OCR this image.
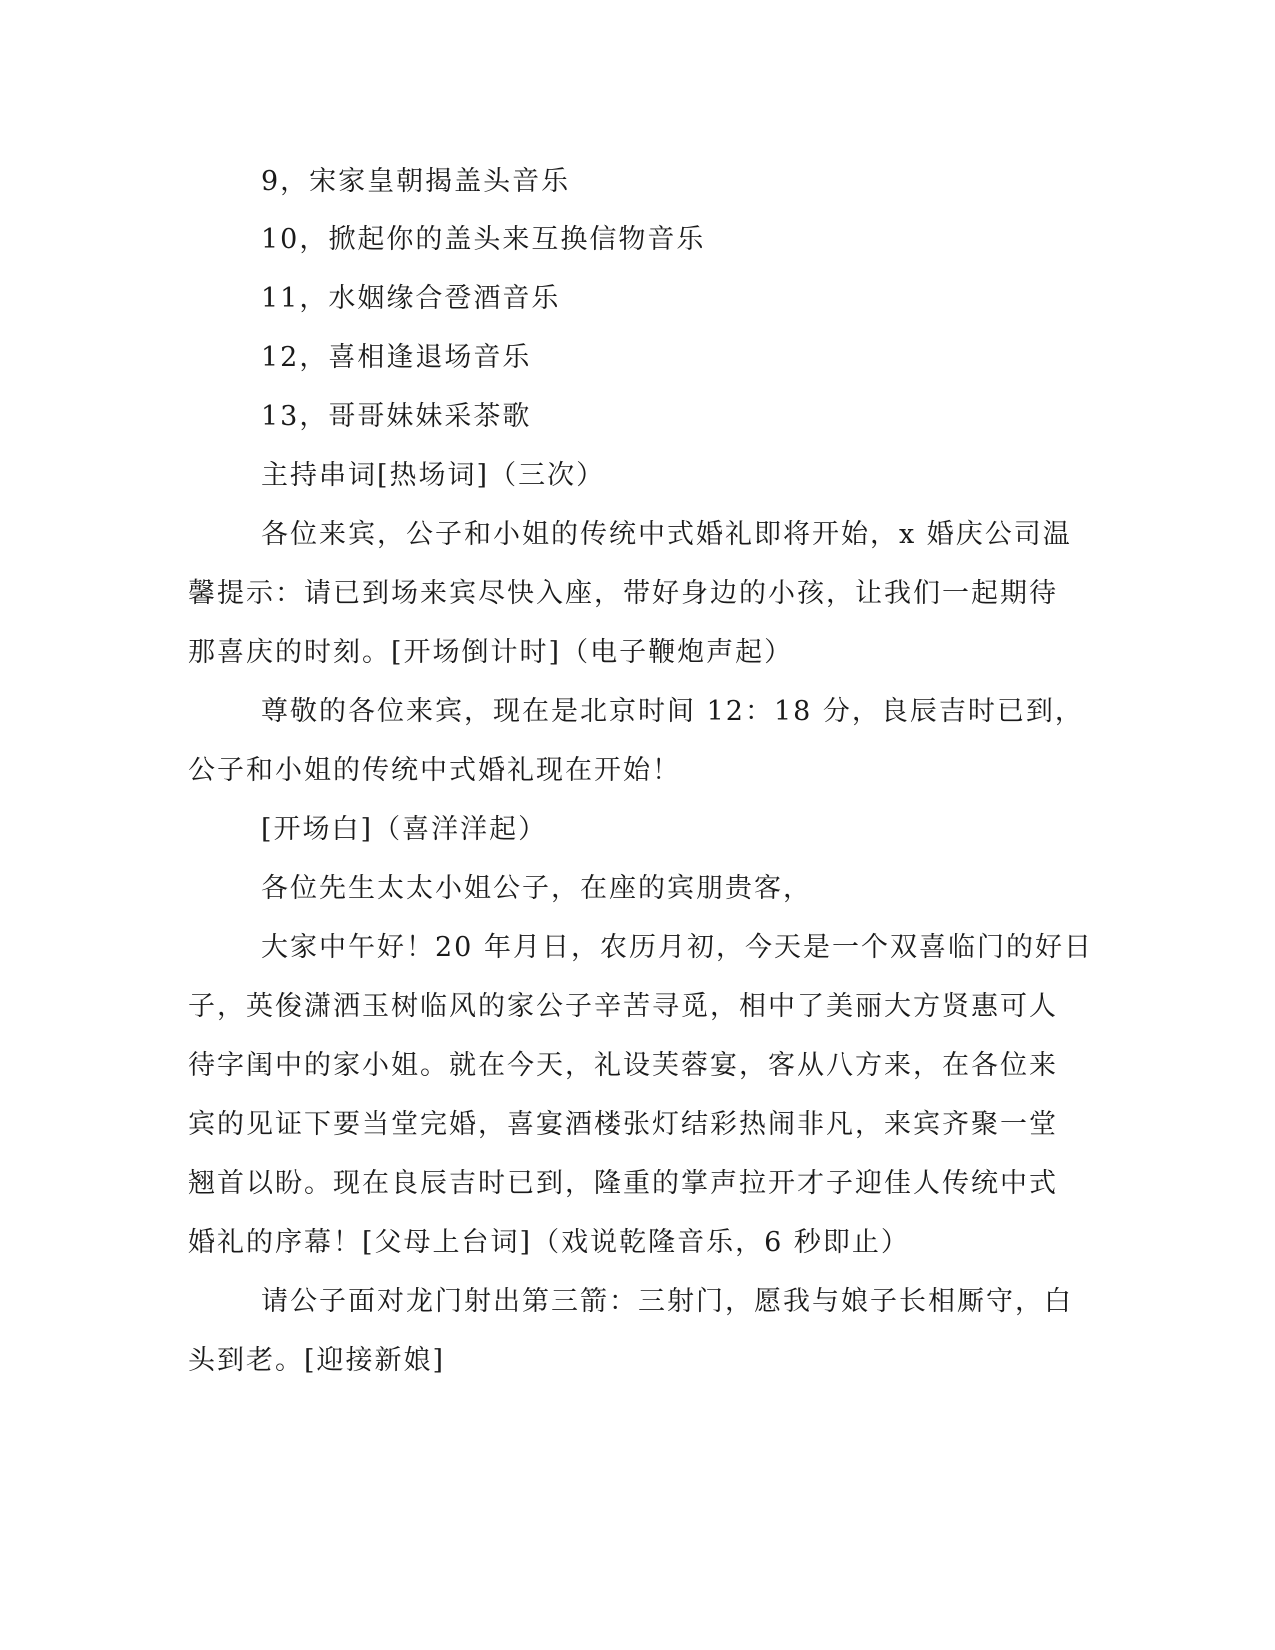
9，宋家皇朝揭盖头音乐

10，掀起你的盖头来互换信物音乐

11，水姻缘合卺酒音乐

12，喜相逢退场音乐

13，哥哥妹妹采茶歌

主持串词[热场词]（三次）

各位来宾，公子和小姐的传统中式婚礼即将开始，x 婚庆公司温

馨提示：请已到场来宾尽快入座，带好身边的小孩，让我们一起期待

那喜庆的时刻。[开场倒计时]（电子鞭炮声起）

尊敬的各位来宾，现在是北京时间 12：18 分，良辰吉时已到，

公子和小姐的传统中式婚礼现在开始！

[开场白]（喜洋洋起）

各位先生太太小姐公子，在座的宾朋贵客，

大家中午好！20 年月日，农历月初，今天是一个双喜临门的好日

子，英俊潇洒玉树临风的家公子辛苦寻觅，相中了美丽大方贤惠可人

待字闺中的家小姐。就在今天，礼设芙蓉宴，客从八方来，在各位来

宾的见证下要当堂完婚，喜宴酒楼张灯结彩热闹非凡，来宾齐聚一堂

翘首以盼。现在良辰吉时已到，隆重的掌声拉开才子迎佳人传统中式

婚礼的序幕！[父母上台词]（戏说乾隆音乐，6 秒即止）

请公子面对龙门射出第三箭：三射门，愿我与娘子长相厮守，白

头到老。[迎接新娘]
